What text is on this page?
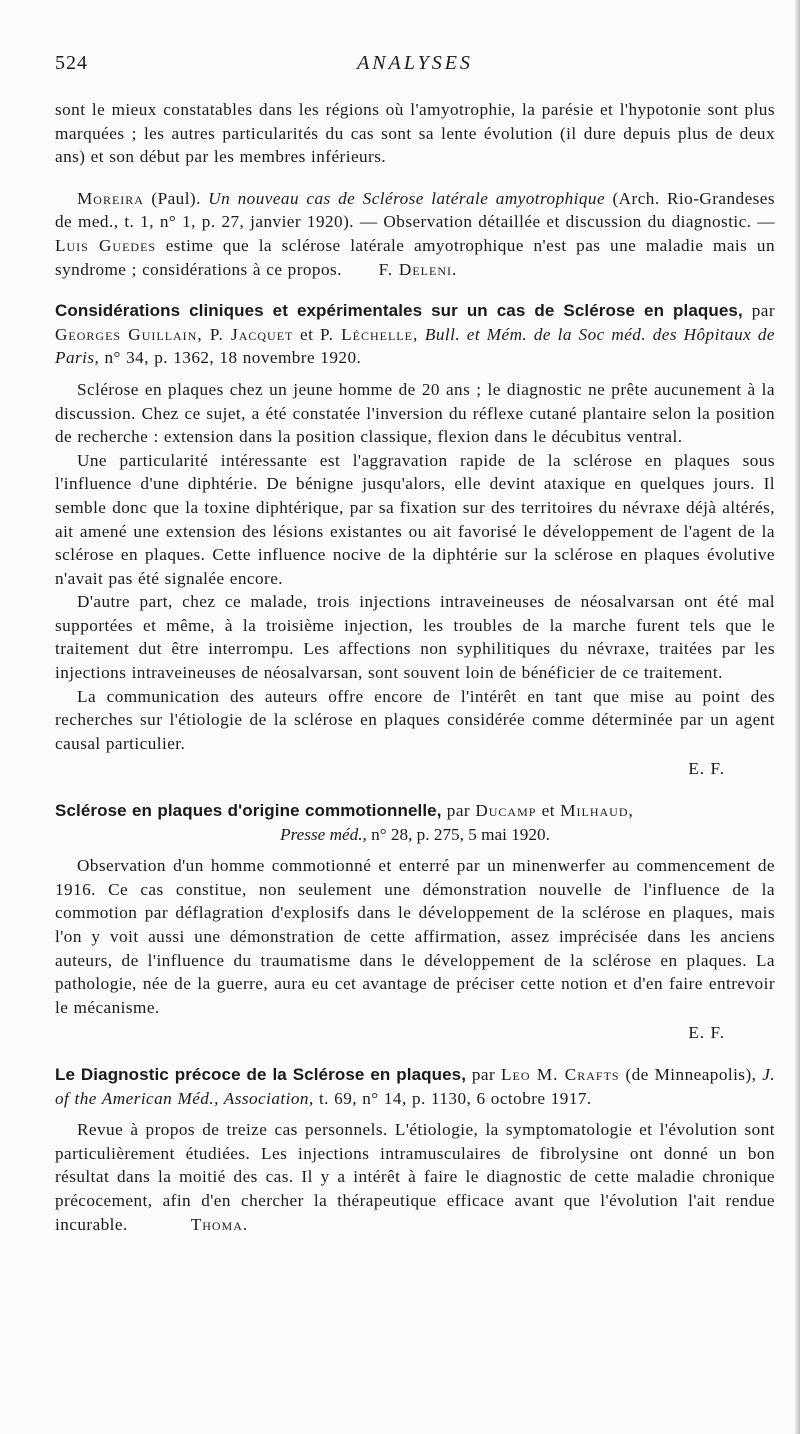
524	ANALYSES

sont le mieux constatables dans les régions où l'amyotrophie, la parésie et l'hypotonie sont plus marquées ; les autres particularités du cas sont sa lente évolution (il dure depuis plus de deux ans) et son début par les membres inférieurs.

Moreira (Paul). Un nouveau cas de Sclérose latérale amyotrophique (Arch. Rio-Grandeses de med., t. 1, n° 1, p. 27, janvier 1920). — Observation détaillée et discussion du diagnostic. — Luis Guedes estime que la sclérose latérale amyotrophique n'est pas une maladie mais un syndrome ; considérations à ce propos. F. Deleni.

Considérations cliniques et expérimentales sur un cas de Sclérose en plaques, par Georges Guillain, P. Jacquet et P. Léchelle, Bull. et Mém. de la Soc méd. des Hôpitaux de Paris, n° 34, p. 1362, 18 novembre 1920.

Sclérose en plaques chez un jeune homme de 20 ans ; le diagnostic ne prête aucunement à la discussion. Chez ce sujet, a été constatée l'inversion du réflexe cutané plantaire selon la position de recherche : extension dans la position classique, flexion dans le décubitus ventral.

Une particularité intéressante est l'aggravation rapide de la sclérose en plaques sous l'influence d'une diphtérie. De bénigne jusqu'alors, elle devint ataxique en quelques jours. Il semble donc que la toxine diphtérique, par sa fixation sur des territoires du névraxe déjà altérés, ait amené une extension des lésions existantes ou ait favorisé le développement de l'agent de la sclérose en plaques. Cette influence nocive de la diphtérie sur la sclérose en plaques évolutive n'avait pas été signalée encore.

D'autre part, chez ce malade, trois injections intraveineuses de néosalvarsan ont été mal supportées et même, à la troisième injection, les troubles de la marche furent tels que le traitement dut être interrompu. Les affections non syphilitiques du névraxe, traitées par les injections intraveineuses de néosalvarsan, sont souvent loin de bénéficier de ce traitement.

La communication des auteurs offre encore de l'intérêt en tant que mise au point des recherches sur l'étiologie de la sclérose en plaques considérée comme déterminée par un agent causal particulier.

E. F.

Sclérose en plaques d'origine commotionnelle, par Ducamp et Milhaud,

Presse méd., n° 28, p. 275, 5 mai 1920.

Observation d'un homme commotionné et enterré par un minenwerfer au commencement de 1916. Ce cas constitue, non seulement une démonstration nouvelle de l'influence de la commotion par déflagration d'explosifs dans le développement de la sclérose en plaques, mais l'on y voit aussi une démonstration de cette affirmation, assez imprécisée dans les anciens auteurs, de l'influence du traumatisme dans le développement de la sclérose en plaques. La pathologie, née de la guerre, aura eu cet avantage de préciser cette notion et d'en faire entrevoir le mécanisme.

E. F.

Le Diagnostic précoce de la Sclérose en plaques, par Leo M. Crafts (de Minneapolis), J. of the American Méd., Association, t. 69, n° 14, p. 1130, 6 octobre 1917.

Revue à propos de treize cas personnels. L'étiologie, la symptomatologie et l'évolution sont particulièrement étudiées. Les injections intramusculaires de fibrolysine ont donné un bon résultat dans la moitié des cas. Il y a intérêt à faire le diagnostic de cette maladie chronique précocement, afin d'en chercher la thérapeutique efficace avant que l'évolution l'ait rendue incurable.	Thoma.
